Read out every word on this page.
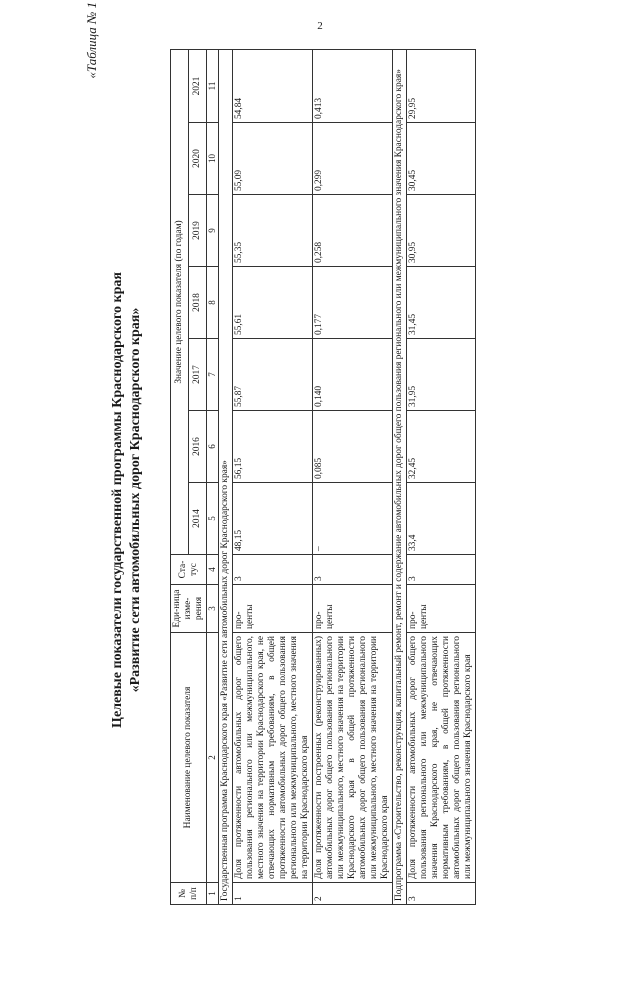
2
«Таблица № 1
Целевые показатели государственной программы Краснодарского края «Развитие сети автомобильных дорог Краснодарского края»
№ п/п	Наименование целевого показателя	Еди-ница изме-рения	Ста-тус	Значение целевого показателя (по годам)						
				2014	2016	2017	2018	2019	2020	2021
1	2	3	4	5	6	7	8	9	10	11
Государственная программа Краснодарского края «Развитие сети автомобильных дорог Краснодарского края»										
1	Доля протяженности автомобильных дорог общего пользования регионального или межмуниципального, местного значения на территории Краснодарского края, не отвечающих нормативным требованиям, в общей протяженности автомобильных дорог общего пользования регионального или межмуниципального, местного значения на территории Краснодарского края	про-центы	3	48,15	56,15	55,87	55,61	55,35	55,09	54,84
2	Доля протяженности построенных (реконструированных) автомобильных дорог общего пользования регионального или межмуниципального, местного значения на территории Краснодарского края в общей протяженности автомобильных дорог общего пользования регионального или межмуниципального, местного значения на территории Краснодарского края	про-центы	3	–	0,085	0,140	0,177	0,258	0,299	0,413
Подпрограмма «Строительство, реконструкция, капитальный ремонт, ремонт и содержание автомобильных дорог общего пользования регионального или межмуниципального значения Краснодарского края»										
3	Доля протяженности автомобильных дорог общего пользования регионального или межмуниципального значения Краснодарского края, не отвечающих нормативным требованиям, в общей протяженности автомобильных дорог общего пользования регионального или межмуниципального значения Краснодарского края	про-центы	3	33,4	32,45	31,95	31,45	30,95	30,45	29,95
